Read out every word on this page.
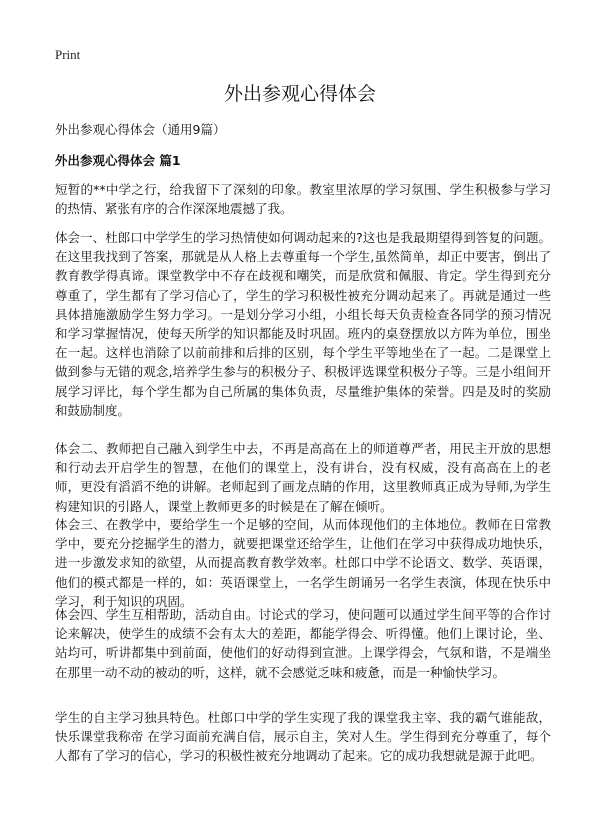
Print
外出参观心得体会
外出参观心得体会（通用9篇）
外出参观心得体会 篇1

短暂的**中学之行，给我留下了深刻的印象。教室里浓厚的学习氛围、学生积极参与学习的热情、紧张有序的合作深深地震撼了我。

体会一、杜郎口中学学生的学习热情使如何调动起来的?这也是我最期望得到答复的问题。在这里我找到了答案，那就是从人格上去尊重每一个学生,虽然简单，却正中要害，倒出了教育教学得真谛。课堂教学中不存在歧视和嘲笑，而是欣赏和佩服、肯定。学生得到充分尊重了，学生都有了学习信心了，学生的学习积极性被充分调动起来了。再就是通过一些具体措施激励学生努力学习。一是划分学习小组，小组长每天负责检查各同学的预习情况和学习掌握情况，使每天所学的知识都能及时巩固。班内的桌登摆放以方阵为单位，围坐在一起。这样也消除了以前前排和后排的区别，每个学生平等地坐在了一起。二是课堂上做到参与无错的观念,培养学生参与的积极分子、积极评选课堂积极分子等。三是小组间开展学习评比，每个学生都为自己所属的集体负责，尽量维护集体的荣誉。四是及时的奖励和鼓励制度。

体会二、教师把自己融入到学生中去，不再是高高在上的师道尊严者，用民主开放的思想和行动去开启学生的智慧，在他们的课堂上，没有讲台，没有权威，没有高高在上的老师，更没有滔滔不绝的讲解。老师起到了画龙点睛的作用，这里教师真正成为导师,为学生构建知识的引路人，课堂上教师更多的时候是在了解在倾听。

体会三、在教学中，要给学生一个足够的空间，从而体现他们的主体地位。教师在日常教学中，要充分挖掘学生的潜力，就要把课堂还给学生，让他们在学习中获得成功地快乐，进一步激发求知的欲望，从而提高教育教学效率。杜郎口中学不论语文、数学、英语课，他们的模式都是一样的，如：英语课堂上，一名学生朗诵另一名学生表演，体现在快乐中学习，利于知识的巩固。

体会四、学生互相帮助，活动自由。讨论式的学习，使问题可以通过学生间平等的合作讨论来解决，使学生的成绩不会有太大的差距，都能学得会、听得懂。他们上课讨论，坐、站均可，听讲都集中到前面，使他们的好动得到宣泄。上课学得会，气氛和谐，不是端坐在那里一动不动的被动的听，这样，就不会感觉乏味和疲惫，而是一种愉快学习。

学生的自主学习独具特色。杜郎口中学的学生实现了我的课堂我主宰、我的霸气谁能敌，快乐课堂我称帝 在学习面前充满自信，展示自主，笑对人生。学生得到充分尊重了，每个人都有了学习的信心，学习的积极性被充分地调动了起来。它的成功我想就是源于此吧。
